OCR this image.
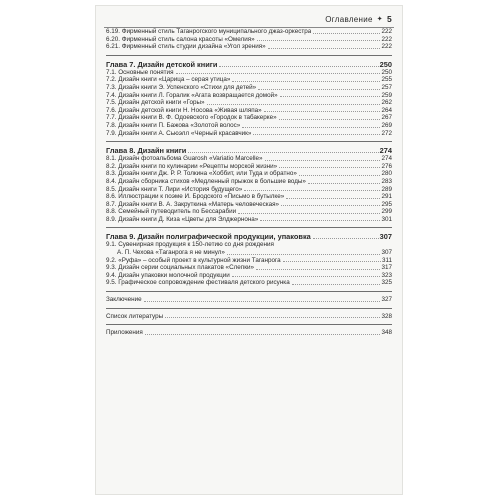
Оглавление ✦ 5
6.19. Фирменный стиль Таганрогского муниципального джаз-оркестра	222
6.20. Фирменный стиль салона красоты «Омелия»	222
6.21. Фирменный стиль студии дизайна «Угол зрения»	222
Глава 7. Дизайн детской книги	250
7.1. Основные понятия	250
7.2. Дизайн книги «Царица – серая утица»	255
7.3. Дизайн книги Э. Успенского «Стихи для детей»	257
7.4. Дизайн книги Л. Горалик «Агата возвращается домой»	259
7.5. Дизайн детской книги «Горы»	262
7.6. Дизайн детской книги Н. Носова «Живая шляпа»	264
7.7. Дизайн книги В. Ф. Одоевского «Городок в табакерке»	267
7.8. Дизайн книги П. Бажова «Золотой волос»	269
7.9. Дизайн книги А. Сьюэлл «Черный красавчик»	272
Глава 8. Дизайн книги	274
8.1. Дизайн фотоальбома Guarosh «Variatio Marcelle»	274
8.2. Дизайн книги по кулинарии «Рецепты морской жизни»	276
8.3. Дизайн книги Дж. Р. Р. Толкина «Хоббит, или Туда и обратно»	280
8.4. Дизайн сборника стихов «Медленный прыжок в большие воды»	283
8.5. Дизайн книги Т. Лири «История будущего»	289
8.6. Иллюстрации к поэме И. Бродского «Письмо в бутылке»	291
8.7. Дизайн книги В. А. Закруткина «Матерь человеческая»	295
8.8. Семейный путеводитель по Бессарабии	299
8.9. Дизайн книги Д. Киза «Цветы для Элджернона»	301
Глава 9. Дизайн полиграфической продукции, упаковка	307
9.1. Сувенирная продукция к 150-летию со дня рождения
А. П. Чехова «Таганрога я не минул»	307
9.2. «Руфа» – особый проект в культурной жизни Таганрога	311
9.3. Дизайн серии социальных плакатов «Слепки»	317
9.4. Дизайн упаковки молочной продукции	323
9.5. Графическое сопровождение фестиваля детского рисунка	325
Заключение	327
Список литературы	328
Приложения	348
